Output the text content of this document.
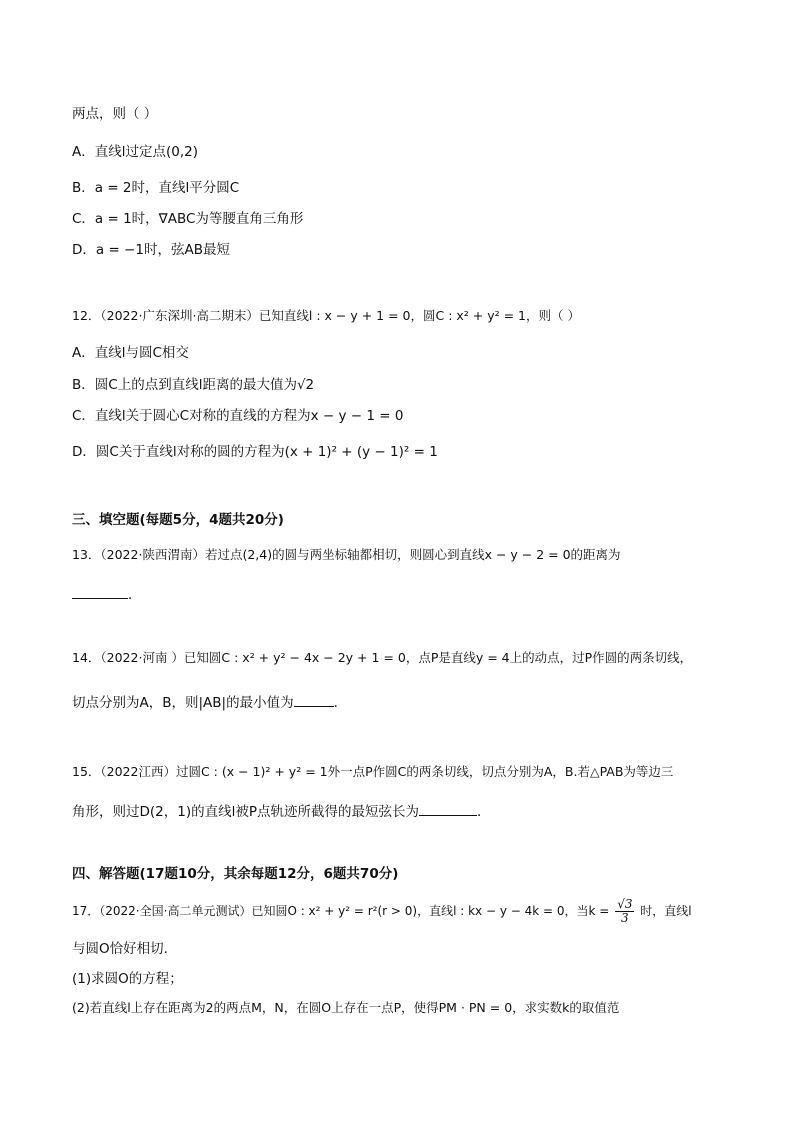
两点，则（ ）
A．直线l过定点(0,2)
B．a = 2时，直线l平分圆C
C．a = 1时，∇ABC为等腰直角三角形
D．a = −1时，弦AB最短
12．（2022·广东深圳·高二期末）已知直线l : x − y + 1 = 0，圆C : x² + y² = 1，则（ ）
A．直线l与圆C相交
B．圆C上的点到直线l距离的最大值为√2
C．直线l关于圆心C对称的直线的方程为x − y − 1 = 0
D．圆C关于直线l对称的圆的方程为(x + 1)² + (y − 1)² = 1
三、填空题(每题5分，4题共20分)
13．（2022·陕西渭南）若过点(2,4)的圆与两坐标轴都相切，则圆心到直线x − y − 2 = 0的距离为
．
14．（2022·河南 ）已知圆C : x² + y² − 4x − 2y + 1 = 0，点P是直线y = 4上的动点，过P作圆的两条切线，
切点分别为A，B，则|AB|的最小值为	．
15．（2022江西）过圆C : (x − 1)² + y² = 1外一点P作圆C的两条切线，切点分别为A，B.若△PAB为等边三
角形，则过D(2，1)的直线l被P点轨迹所截得的最短弦长为	．
四、解答题(17题10分，其余每题12分，6题共70分)
17．（2022·全国·高二单元测试）已知圆O : x² + y² = r²(r > 0)，直线l : kx − y − 4k = 0，当$k = \frac{√3}{3}$ 时，直线l
与圆O恰好相切．
(1)求圆O的方程；
(2)若直线l上存在距离为2的两点M，N，在圆O上存在一点P，使得PM · PN = 0，求实数k的取值范
